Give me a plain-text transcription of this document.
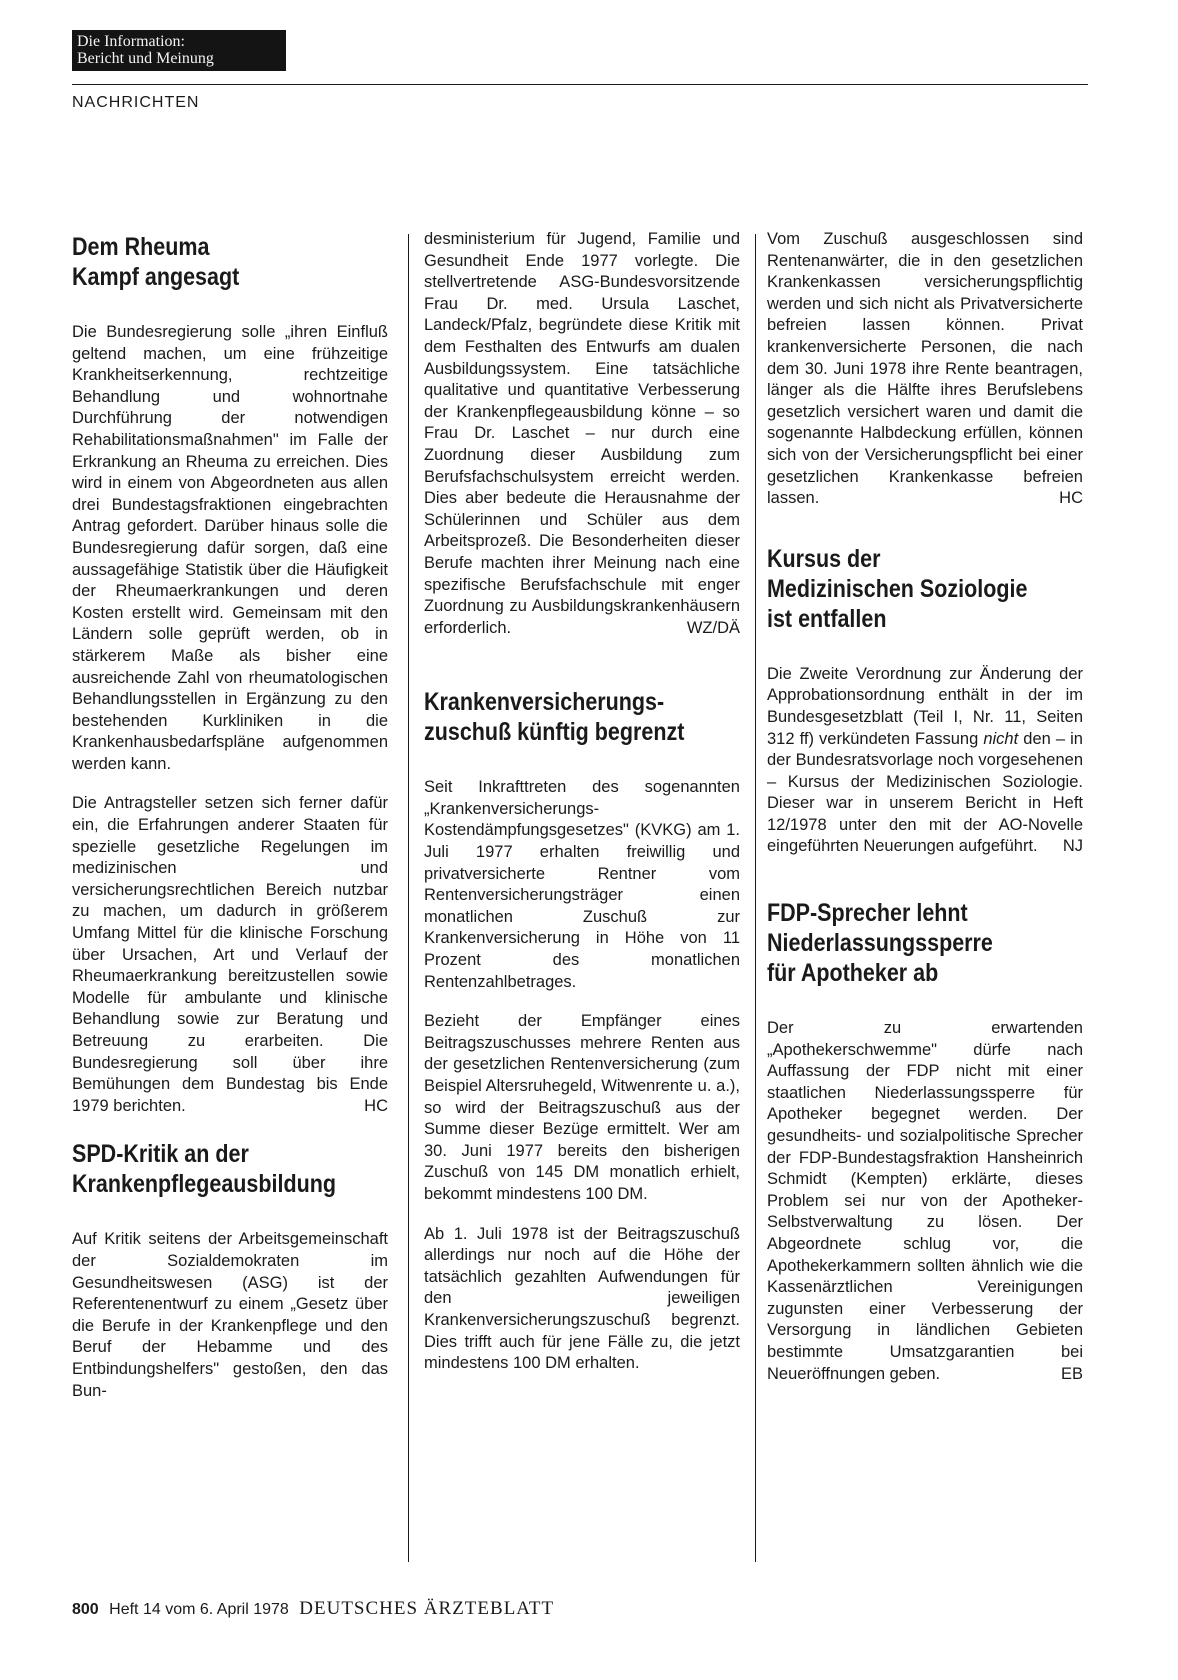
Die Information:
Bericht und Meinung
NACHRICHTEN
Dem Rheuma
Kampf angesagt

Die Bundesregierung solle „ihren Einfluß geltend machen, um eine frühzeitige Krankheitserkennung, rechtzeitige Behandlung und wohnortnahe Durchführung der notwendigen Rehabilitationsmaßnahmen" im Falle der Erkrankung an Rheuma zu erreichen. Dies wird in einem von Abgeordneten aus allen drei Bundestagsfraktionen eingebrachten Antrag gefordert. Darüber hinaus solle die Bundesregierung dafür sorgen, daß eine aussagefähige Statistik über die Häufigkeit der Rheumaerkrankungen und deren Kosten erstellt wird. Gemeinsam mit den Ländern solle geprüft werden, ob in stärkerem Maße als bisher eine ausreichende Zahl von rheumatologischen Behandlungsstellen in Ergänzung zu den bestehenden Kurkliniken in die Krankenhausbedarfspläne aufgenommen werden kann.

Die Antragsteller setzen sich ferner dafür ein, die Erfahrungen anderer Staaten für spezielle gesetzliche Regelungen im medizinischen und versicherungsrechtlichen Bereich nutzbar zu machen, um dadurch in größerem Umfang Mittel für die klinische Forschung über Ursachen, Art und Verlauf der Rheumaerkrankung bereitzustellen sowie Modelle für ambulante und klinische Behandlung sowie zur Beratung und Betreuung zu erarbeiten. Die Bundesregierung soll über ihre Bemühungen dem Bundestag bis Ende 1979 berichten.	HC

SPD-Kritik an der
Krankenpflegeausbildung

Auf Kritik seitens der Arbeitsgemeinschaft der Sozialdemokraten im Gesundheitswesen (ASG) ist der Referentenentwurf zu einem „Gesetz über die Berufe in der Krankenpflege und den Beruf der Hebamme und des Entbindungshelfers" gestoßen, den das Bun-

desministerium für Jugend, Familie und Gesundheit Ende 1977 vorlegte. Die stellvertretende ASG-Bundesvorsitzende Frau Dr. med. Ursula Laschet, Landeck/Pfalz, begründete diese Kritik mit dem Festhalten des Entwurfs am dualen Ausbildungssystem. Eine tatsächliche qualitative und quantitative Verbesserung der Krankenpflegeausbildung könne – so Frau Dr. Laschet – nur durch eine Zuordnung dieser Ausbildung zum Berufsfachschulsystem erreicht werden. Dies aber bedeute die Herausnahme der Schülerinnen und Schüler aus dem Arbeitsprozeß. Die Besonderheiten dieser Berufe machten ihrer Meinung nach eine spezifische Berufsfachschule mit enger Zuordnung zu Ausbildungskrankenhäusern erforderlich.	WZ/DÄ

Krankenversicherungs-
zuschuß künftig begrenzt

Seit Inkrafttreten des sogenannten „Krankenversicherungs-Kostendämpfungsgesetzes" (KVKG) am 1. Juli 1977 erhalten freiwillig und privatversicherte Rentner vom Rentenversicherungsträger einen monatlichen Zuschuß zur Krankenversicherung in Höhe von 11 Prozent des monatlichen Rentenzahlbetrages.

Bezieht der Empfänger eines Beitragszuschusses mehrere Renten aus der gesetzlichen Rentenversicherung (zum Beispiel Altersruhegeld, Witwenrente u. a.), so wird der Beitragszuschuß aus der Summe dieser Bezüge ermittelt. Wer am 30. Juni 1977 bereits den bisherigen Zuschuß von 145 DM monatlich erhielt, bekommt mindestens 100 DM.

Ab 1. Juli 1978 ist der Beitragszuschuß allerdings nur noch auf die Höhe der tatsächlich gezahlten Aufwendungen für den jeweiligen Krankenversicherungszuschuß begrenzt. Dies trifft auch für jene Fälle zu, die jetzt mindestens 100 DM erhalten.

Vom Zuschuß ausgeschlossen sind Rentenanwärter, die in den gesetzlichen Krankenkassen versicherungspflichtig werden und sich nicht als Privatversicherte befreien lassen können. Privat krankenversicherte Personen, die nach dem 30. Juni 1978 ihre Rente beantragen, länger als die Hälfte ihres Berufslebens gesetzlich versichert waren und damit die sogenannte Halbdeckung erfüllen, können sich von der Versicherungspflicht bei einer gesetzlichen Krankenkasse befreien lassen.	HC

Kursus der
Medizinischen Soziologie
ist entfallen

Die Zweite Verordnung zur Änderung der Approbationsordnung enthält in der im Bundesgesetzblatt (Teil I, Nr. 11, Seiten 312 ff) verkündeten Fassung nicht den – in der Bundesratsvorlage noch vorgesehenen – Kursus der Medizinischen Soziologie. Dieser war in unserem Bericht in Heft 12/1978 unter den mit der AO-Novelle eingeführten Neuerungen aufgeführt. NJ

FDP-Sprecher lehnt
Niederlassungssperre
für Apotheker ab

Der zu erwartenden „Apothekerschwemme" dürfe nach Auffassung der FDP nicht mit einer staatlichen Niederlassungssperre für Apotheker begegnet werden. Der gesundheits- und sozialpolitische Sprecher der FDP-Bundestagsfraktion Hansheinrich Schmidt (Kempten) erklärte, dieses Problem sei nur von der Apotheker-Selbstverwaltung zu lösen. Der Abgeordnete schlug vor, die Apothekerkammern sollten ähnlich wie die Kassenärztlichen Vereinigungen zugunsten einer Verbesserung der Versorgung in ländlichen Gebieten bestimmte Umsatzgarantien bei Neueröffnungen geben.	EB

800 Heft 14 vom 6. April 1978 DEUTSCHES ÄRZTEBLATT
